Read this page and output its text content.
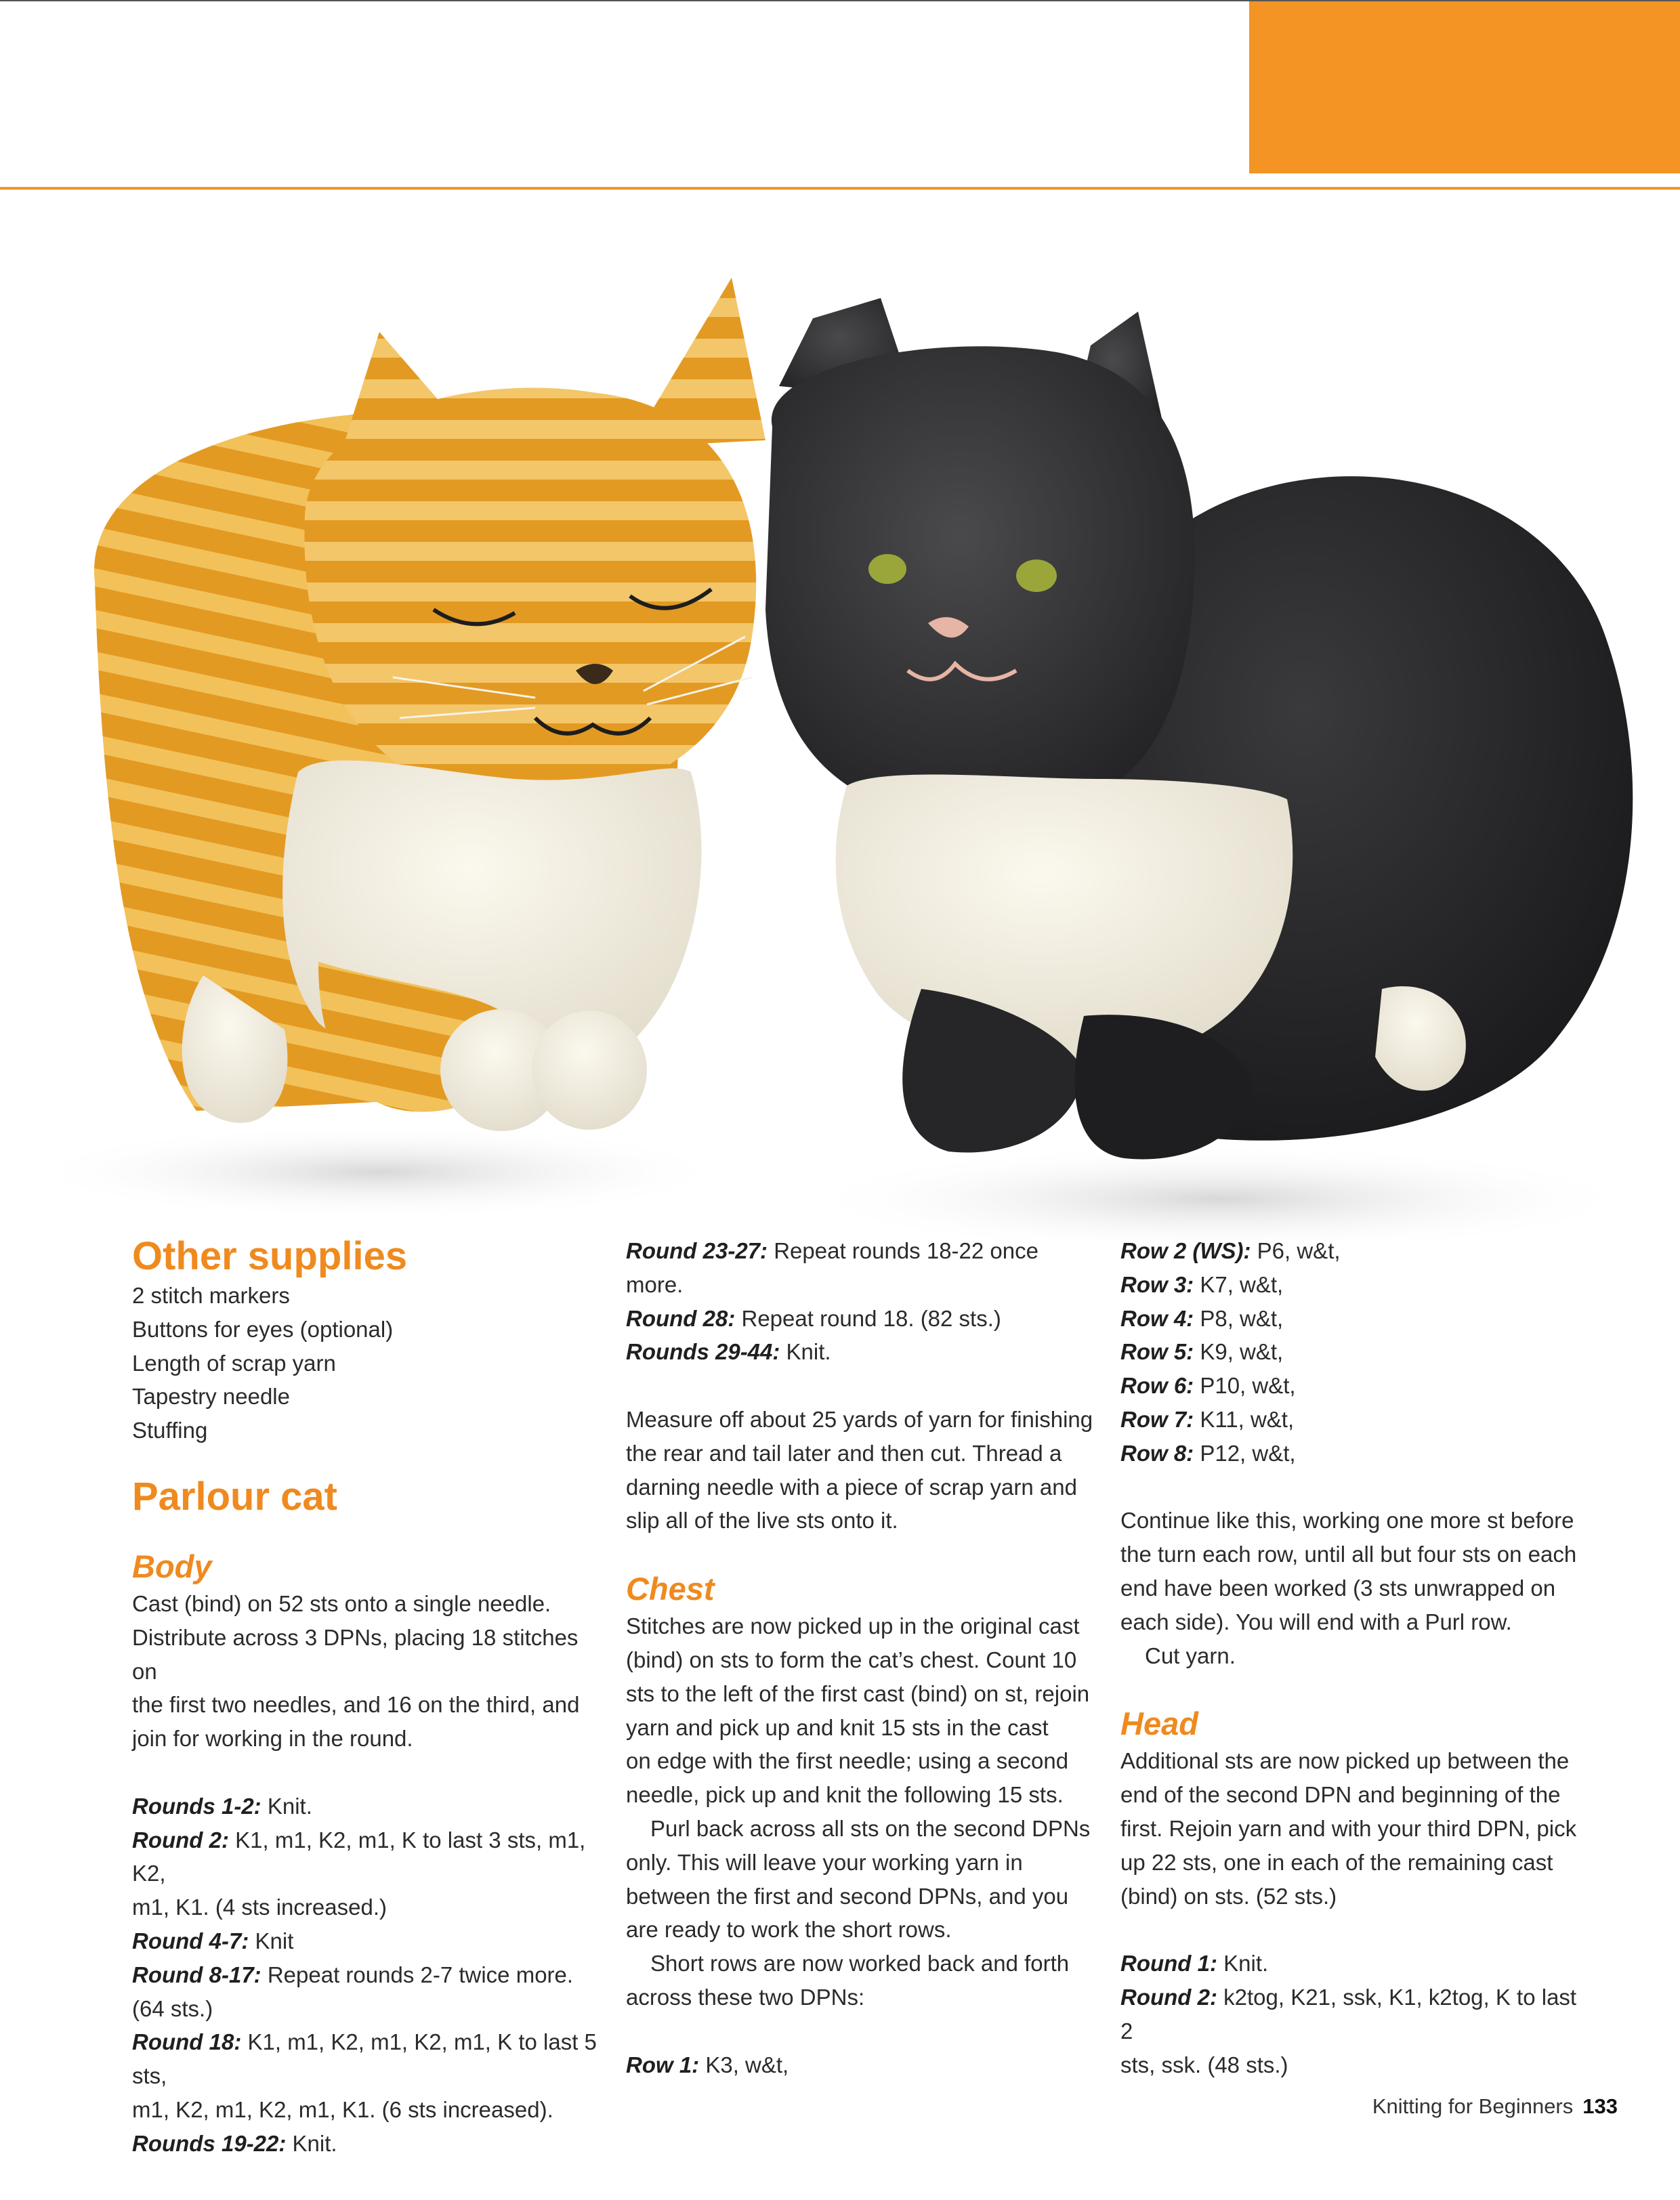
Other supplies

2 stitch markers

Buttons for eyes (optional)

Length of scrap yarn

Tapestry needle

Stuffing

Parlour cat
Body

Cast (bind) on 52 sts onto a single needle.

Distribute across 3 DPNs, placing 18 stitches on

the first two needles, and 16 on the third, and

join for working in the round.

Rounds 1-2: Knit.

Round 2: K1, m1, K2, m1, K to last 3 sts, m1, K2,

m1, K1. (4 sts increased.)

Round 4-7: Knit

Round 8-17: Repeat rounds 2-7 twice more.

(64 sts.)

Round 18: K1, m1, K2, m1, K2, m1, K to last 5 sts,

m1, K2, m1, K2, m1, K1. (6 sts increased).

Rounds 19-22: Knit.

Round 23-27: Repeat rounds 18-22 once more.

Round 28: Repeat round 18. (82 sts.)

Rounds 29-44: Knit.

Measure off about 25 yards of yarn for finishing

the rear and tail later and then cut. Thread a

darning needle with a piece of scrap yarn and

slip all of the live sts onto it.

Chest

Stitches are now picked up in the original cast

(bind) on sts to form the cat’s chest. Count 10

sts to the left of the first cast (bind) on st, rejoin

yarn and pick up and knit 15 sts in the cast

on edge with the first needle; using a second

needle, pick up and knit the following 15 sts.

Purl back across all sts on the second DPNs

only. This will leave your working yarn in

between the first and second DPNs, and you

are ready to work the short rows.

Short rows are now worked back and forth

across these two DPNs:

Row 1: K3, w&t,

Row 2 (WS): P6, w&t,

Row 3: K7, w&t,

Row 4: P8, w&t,

Row 5: K9, w&t,

Row 6: P10, w&t,

Row 7: K11, w&t,

Row 8: P12, w&t,

Continue like this, working one more st before

the turn each row, until all but four sts on each

end have been worked (3 sts unwrapped on

each side). You will end with a Purl row.

Cut yarn.

Head

Additional sts are now picked up between the

end of the second DPN and beginning of the

first. Rejoin yarn and with your third DPN, pick

up 22 sts, one in each of the remaining cast

(bind) on sts. (52 sts.)

Round 1: Knit.

Round 2: k2tog, K21, ssk, K1, k2tog, K to last 2

sts, ssk. (48 sts.)

Knitting for Beginners 133
